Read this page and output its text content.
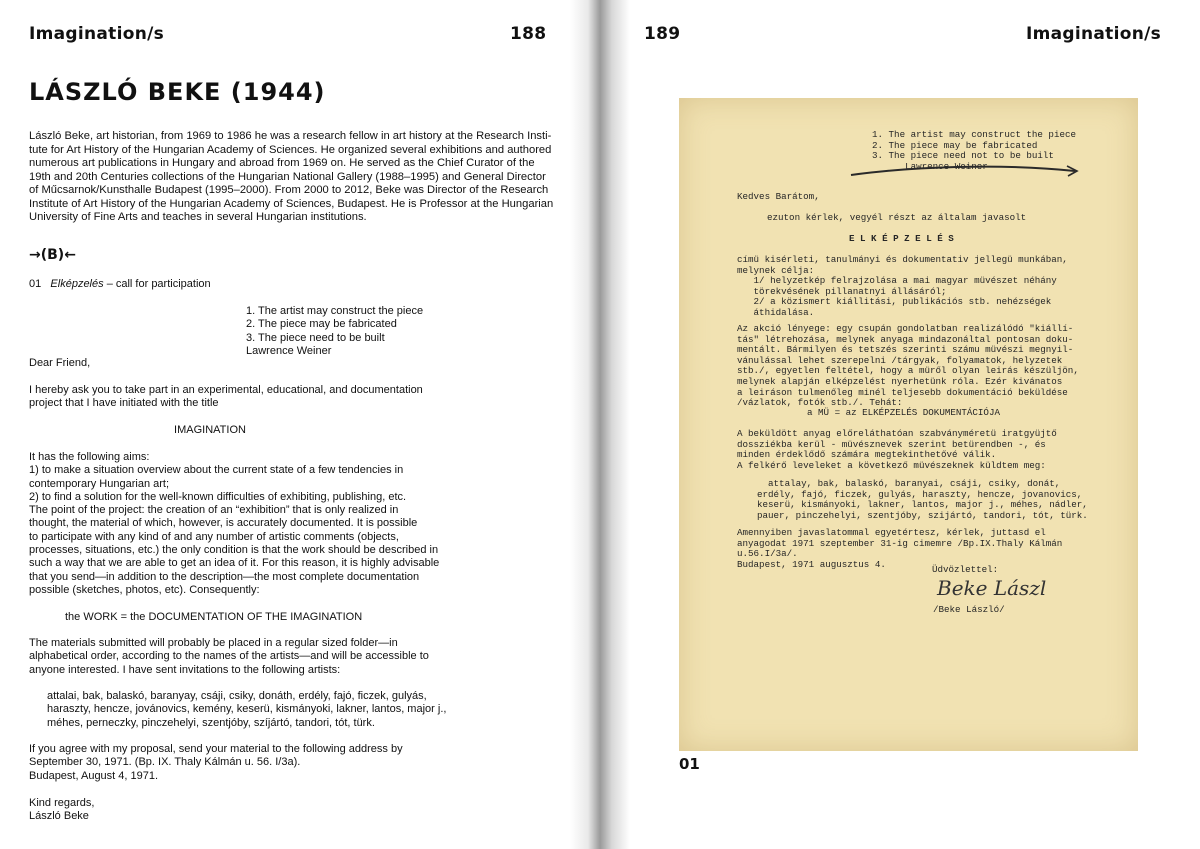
Imagination/s	188
LÁSZLÓ BEKE (1944)
László Beke, art historian, from 1969 to 1986 he was a research fellow in art history at the Research Insti-
tute for Art History of the Hungarian Academy of Sciences. He organized several exhibitions and authored
numerous art publications in Hungary and abroad from 1969 on. He served as the Chief Curator of the
19th and 20th Centuries collections of the Hungarian National Gallery (1988–1995) and General Director
of Műcsarnok/Kunsthalle Budapest (1995–2000). From 2000 to 2012, Beke was Director of the Research
Institute of Art History of the Hungarian Academy of Sciences, Budapest. He is Professor at the Hungarian
University of Fine Arts and teaches in several Hungarian institutions.
→(B)←
01 Elképzelés – call for participation
1. The artist may construct the piece
2. The piece may be fabricated
3. The piece need to be built
Lawrence Weiner
Dear Friend,
I hereby ask you to take part in an experimental, educational, and documentation
project that I have initiated with the title
IMAGINATION
It has the following aims:
1) to make a situation overview about the current state of a few tendencies in
contemporary Hungarian art;
2) to find a solution for the well-known difficulties of exhibiting, publishing, etc.
The point of the project: the creation of an “exhibition” that is only realized in
thought, the material of which, however, is accurately documented. It is possible
to participate with any kind of and any number of artistic comments (objects,
processes, situations, etc.) the only condition is that the work should be described in
such a way that we are able to get an idea of it. For this reason, it is highly advisable
that you send—in addition to the description—the most complete documentation
possible (sketches, photos, etc). Consequently:
the WORK = the DOCUMENTATION OF THE IMAGINATION
The materials submitted will probably be placed in a regular sized folder—in
alphabetical order, according to the names of the artists—and will be accessible to
anyone interested. I have sent invitations to the following artists:
attalai, bak, balaskó, baranyay, csáji, csiky, donáth, erdély, fajó, ficzek, gulyás,
haraszty, hencze, jovánovics, kemény, keserü, kismányoki, lakner, lantos, major j.,
méhes, perneczky, pinczehelyi, szentjóby, szíjártó, tandori, tót, türk.
If you agree with my proposal, send your material to the following address by
September 30, 1971. (Bp. IX. Thaly Kálmán u. 56. I/3a).
Budapest, August 4, 1971.
Kind regards,
László Beke
189	Imagination/s
1. The artist may construct the piece
2. The piece may be fabricated
3. The piece need not to be built
Lawrence Weiner
Kedves Barátom,
ezuton kérlek, vegyél részt az általam javasolt
E L K É P Z E L É S
címü kisérleti, tanulmányi és dokumentativ jellegü munkában,
melynek célja:
1/ helyzetkép felrajzolása a mai magyar müvészet néhány
törekvésének pillanatnyi állásáról;
2/ a közismert kiállitási, publikációs stb. nehézségek
áthidalása.
Az akció lényege: egy csupán gondolatban realizálódó "kiállí-
tás" létrehozása, melynek anyaga mindazonáltal pontosan doku-
mentált. Bármilyen és tetszés szerinti számu müvészi megnyil-
vánulással lehet szerepelni /tárgyak, folyamatok, helyzetek
stb./, egyetlen feltétel, hogy a müről olyan leirás készüljön,
melynek alapján elképzelést nyerhetünk róla. Ezér kivánatos
a leiráson tulmenőleg minél teljesebb dokumentáció beküldése
/vázlatok, fotók stb./. Tehát:
a MÜ = az ELKÉPZELÉS DOKUMENTÁCIÓJA
A beküldött anyag előreláthatóan szabványméretü iratgyüjtő
dossziékba kerül - müvésznevek szerint betürendben -, és
minden érdeklődő számára megtekinthetővé válik.
A felkérő leveleket a következő müvészeknek küldtem meg:
attalay, bak, balaskó, baranyai, csáji, csiky, donát,
erdély, fajó, ficzek, gulyás, haraszty, hencze, jovanovics,
keserü, kismányoki, lakner, lantos, major j., méhes, nádler,
pauer, pinczehelyi, szentjóby, szijártó, tandori, tót, türk.
Amennyiben javaslatommal egyetértesz, kérlek, juttasd el
anyagodat 1971 szeptember 31-ig cimemre /Bp.IX.Thaly Kálmán
u.56.I/3a/.
Budapest, 1971 augusztus 4.	Üdvözlettel:
Beke Lászl
/Beke László/
01
